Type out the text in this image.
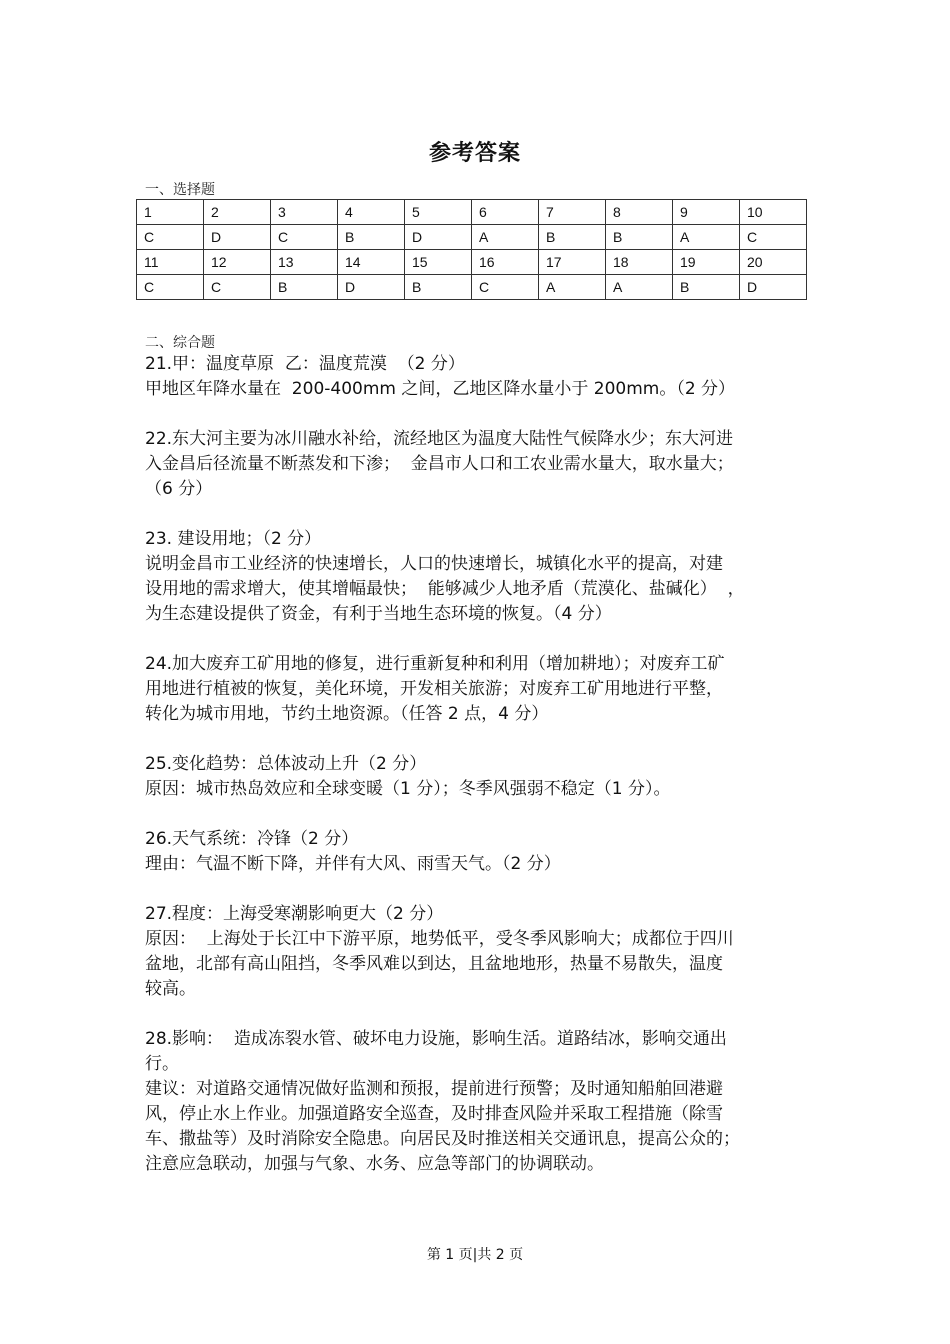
参考答案
一、选择题
1	2	3	4	5	6	7	8	9	10
C	D	C	B	D	A	B	B	A	C
11	12	13	14	15	16	17	18	19	20
C	C	B	D	B	C	A	A	B	D
二、综合题
21.甲：温度草原  乙：温度荒漠  （2 分）
甲地区年降水量在  200-400mm 之间，乙地区降水量小于 200mm。（2 分）
22.东大河主要为冰川融水补给，流经地区为温度大陆性气候降水少；东大河进
入金昌后径流量不断蒸发和下渗；  金昌市人口和工农业需水量大，取水量大；
（6 分）
23. 建设用地；（2 分）
说明金昌市工业经济的快速增长，人口的快速增长，城镇化水平的提高，对建
设用地的需求增大，使其增幅最快；  能够减少人地矛盾（荒漠化、盐碱化）  ，
为生态建设提供了资金，有利于当地生态环境的恢复。（4 分）
24.加大废弃工矿用地的修复，进行重新复种和利用（增加耕地）；对废弃工矿
用地进行植被的恢复，美化环境，开发相关旅游；对废弃工矿用地进行平整，
转化为城市用地，节约土地资源。（任答 2 点，4 分）
25.变化趋势：总体波动上升（2 分）
原因：城市热岛效应和全球变暖（1 分）；冬季风强弱不稳定（1 分）。
26.天气系统：冷锋（2 分）
理由：气温不断下降，并伴有大风、雨雪天气。（2 分）
27.程度：上海受寒潮影响更大（2 分）
原因：  上海处于长江中下游平原，地势低平，受冬季风影响大；成都位于四川
盆地，北部有高山阻挡，冬季风难以到达，且盆地地形，热量不易散失，温度
较高。
28.影响：  造成冻裂水管、破坏电力设施，影响生活。道路结冰，影响交通出
行。
建议：对道路交通情况做好监测和预报，提前进行预警；及时通知船舶回港避
风，停止水上作业。加强道路安全巡查，及时排查风险并采取工程措施（除雪
车、撒盐等）及时消除安全隐患。向居民及时推送相关交通讯息，提高公众的；
注意应急联动，加强与气象、水务、应急等部门的协调联动。
第 1 页|共 2 页
